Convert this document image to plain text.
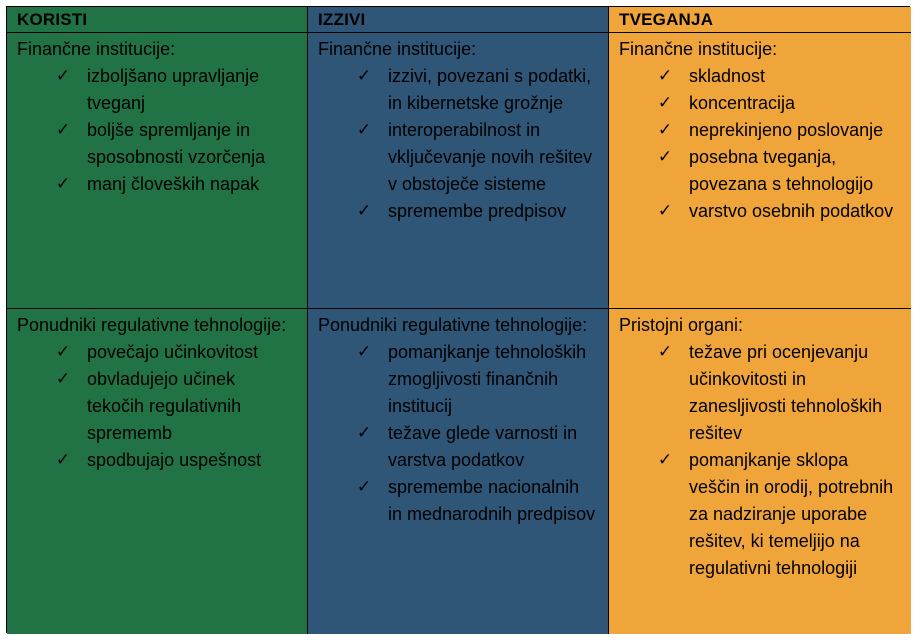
KORISTI	IZZIVI	TVEGANJA
Finančne institucije:
✓ izboljšano upravljanje tveganj
✓ boljše spremljanje in sposobnosti vzorčenja
✓ manj človeških napak
Finančne institucije:
✓ izzivi, povezani s podatki, in kibernetske grožnje
✓ interoperabilnost in vključevanje novih rešitev v obstoječe sisteme
✓ spremembe predpisov
Finančne institucije:
✓ skladnost
✓ koncentracija
✓ neprekinjeno poslovanje
✓ posebna tveganja, povezana s tehnologijo
✓ varstvo osebnih podatkov
Ponudniki regulativne tehnologije:
✓ povečajo učinkovitost
✓ obvladujejo učinek tekočih regulativnih sprememb
✓ spodbujajo uspešnost
Ponudniki regulativne tehnologije:
✓ pomanjkanje tehnoloških zmogljivosti finančnih institucij
✓ težave glede varnosti in varstva podatkov
✓ spremembe nacionalnih in mednarodnih predpisov
Pristojni organi:
✓ težave pri ocenjevanju učinkovitosti in zanesljivosti tehnoloških rešitev
✓ pomanjkanje sklopa veščin in orodij, potrebnih za nadziranje uporabe rešitev, ki temeljijo na regulativni tehnologiji
